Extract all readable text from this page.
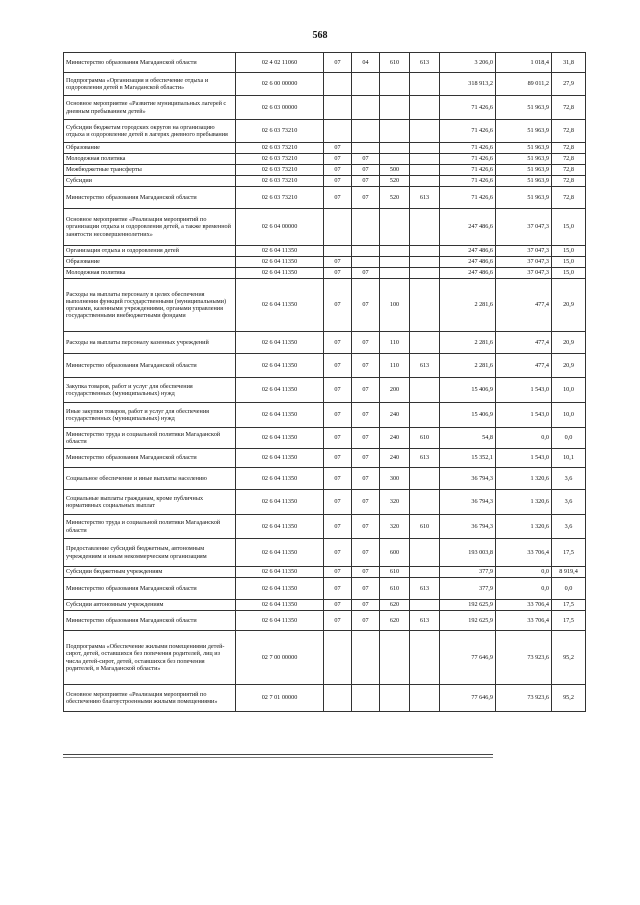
568
Министерство образования Магаданской области	02 4 02 11060	07	04	610	613	3 206,0	1 018,4	31,8
Подпрограмма «Организация и обеспечение отдыха и оздоровления детей в Магаданской области»	02 6 00 00000					318 913,2	89 011,2	27,9
Основное мероприятие «Развитие муниципальных лагерей с дневным пребыванием детей»	02 6 03 00000					71 426,6	51 963,9	72,8
Субсидии бюджетам городских округов на организацию отдыха и оздоровление детей в лагерях дневного пребывания	02 6 03 73210					71 426,6	51 963,9	72,8
Образование	02 6 03 73210	07				71 426,6	51 963,9	72,8
Молодежная политика	02 6 03 73210	07	07			71 426,6	51 963,9	72,8
Межбюджетные трансферты	02 6 03 73210	07	07	500		71 426,6	51 963,9	72,8
Субсидии	02 6 03 73210	07	07	520		71 426,6	51 963,9	72,8
Министерство образования Магаданской области	02 6 03 73210	07	07	520	613	71 426,6	51 963,9	72,8
Основное мероприятие «Реализация мероприятий по организации отдыха и оздоровления детей, а также временной занятости несовершеннолетних»	02 6 04 00000					247 486,6	37 047,3	15,0
Организация отдыха и оздоровления детей	02 6 04 11350					247 486,6	37 047,3	15,0
Образование	02 6 04 11350	07				247 486,6	37 047,3	15,0
Молодежная политика	02 6 04 11350	07	07			247 486,6	37 047,3	15,0
Расходы на выплаты персоналу в целях обеспечения выполнения функций государственными (муниципальными) органами, казенными учреждениями, органами управления государственными внебюджетными фондами	02 6 04 11350	07	07	100		2 281,6	477,4	20,9
Расходы на выплаты персоналу казенных учреждений	02 6 04 11350	07	07	110		2 281,6	477,4	20,9
Министерство образования Магаданской области	02 6 04 11350	07	07	110	613	2 281,6	477,4	20,9
Закупка товаров, работ и услуг для обеспечения государственных (муниципальных) нужд	02 6 04 11350	07	07	200		15 406,9	1 543,0	10,0
Иные закупки товаров, работ и услуг для обеспечения государственных (муниципальных) нужд	02 6 04 11350	07	07	240		15 406,9	1 543,0	10,0
Министерство труда и социальной политики Магаданской области	02 6 04 11350	07	07	240	610	54,8	0,0	0,0
Министерство образования Магаданской области	02 6 04 11350	07	07	240	613	15 352,1	1 543,0	10,1
Социальное обеспечение и иные выплаты населению	02 6 04 11350	07	07	300		36 794,3	1 320,6	3,6
Социальные выплаты гражданам, кроме публичных нормативных социальных выплат	02 6 04 11350	07	07	320		36 794,3	1 320,6	3,6
Министерство труда и социальной политики Магаданской области	02 6 04 11350	07	07	320	610	36 794,3	1 320,6	3,6
Предоставление субсидий бюджетным, автономным учреждениям и иным некоммерческим организациям	02 6 04 11350	07	07	600		193 003,8	33 706,4	17,5
Субсидии бюджетным учреждениям	02 6 04 11350	07	07	610		377,9	0,0	8 919,4
Министерство образования Магаданской области	02 6 04 11350	07	07	610	613	377,9	0,0	0,0
Субсидии автономным учреждениям	02 6 04 11350	07	07	620		192 625,9	33 706,4	17,5
Министерство образования Магаданской области	02 6 04 11350	07	07	620	613	192 625,9	33 706,4	17,5
Подпрограмма «Обеспечение жилыми помещениями детей-сирот, детей, оставшихся без попечения родителей, лиц из числа детей-сирот, детей, оставшихся без попечения родителей, в Магаданской области»	02 7 00 00000					77 646,9	73 923,6	95,2
Основное мероприятие «Реализация мероприятий по обеспечению благоустроенными жилыми помещениями»	02 7 01 00000					77 646,9	73 923,6	95,2
